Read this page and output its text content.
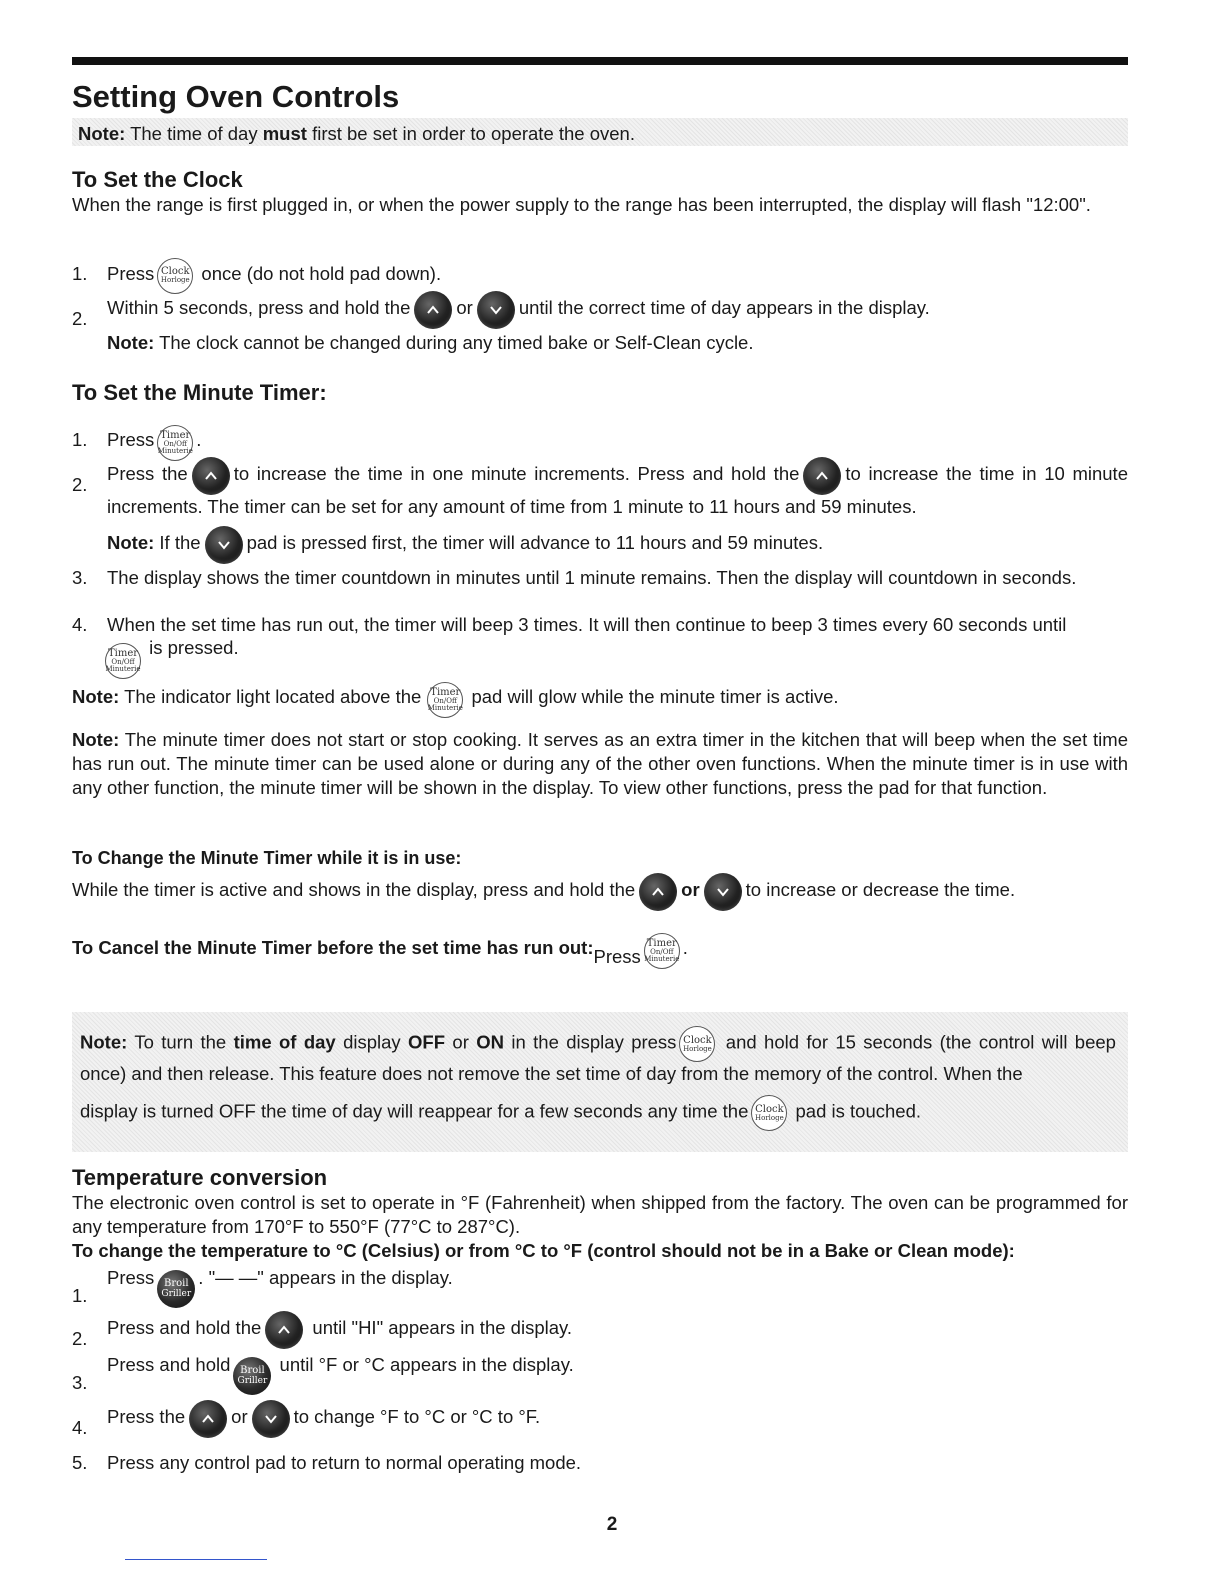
Setting Oven Controls
Note: The time of day must first be set in order to operate the oven.
To Set the Clock
When the range is first plugged in, or when the power supply to the range has been interrupted, the display will flash "12:00".
1. Press Clock
Horloge once (do not hold pad down).
2.
Within 5 seconds, press and hold the or until the correct time of day appears in the display.
Note: The clock cannot be changed during any timed bake or Self-Clean cycle.
To Set the Minute Timer:
1. Press Timer
On/Off
Minuterie
.
2.
Press the to increase the time in one minute increments. Press and hold the to increase the time in 10 minute increments. The timer can be set for any amount of time from 1 minute to 11 hours and 59 minutes.
Note: If the pad is pressed first, the timer will advance to 11 hours and 59 minutes.
3. The display shows the timer countdown in minutes until 1 minute remains. Then the display will countdown in seconds.
4. When the set time has run out, the timer will beep 3 times. It will then continue to beep 3 times every 60 seconds until
Timer
On/Off
Minuterie
is pressed.
Note: The indicator light located above the Timer
On/Off
Minuterie
pad will glow while the minute timer is active.
Note: The minute timer does not start or stop cooking. It serves as an extra timer in the kitchen that will beep when the set time has run out. The minute timer can be used alone or during any of the other oven functions. When the minute timer is in use with any other function, the minute timer will be shown in the display. To view other functions, press the pad for that function.
To Change the Minute Timer while it is in use:
While the timer is active and shows in the display, press and hold the or to increase or decrease the time.
To Cancel the Minute Timer before the set time has run out:Press
Timer
On/Off
Minuterie
.
Note: To turn the time of day display OFF or ON in the display press Clock
Horloge and hold for 15 seconds (the control will beep once) and then release. This feature does not remove the set time of day from the memory of the control. When the
display is turned OFF the time of day will reappear for a few seconds any time the Clock
Horloge pad is touched.
Temperature conversion
The electronic oven control is set to operate in °F (Fahrenheit) when shipped from the factory. The oven can be programmed for any temperature from 170°F to 550°F (77°C to 287°C).
To change the temperature to °C (Celsius) or from °C to °F (control should not be in a Bake or Clean mode):
1.
Press Broil
Griller
. "— —" appears in the display.
2.
Press and hold the
until "HI" appears in the display.
3.
Press and hold Broil
Griller
until °F or °C appears in the display.
4.
Press the or to change °F to °C or °C to °F.
5. Press any control pad to return to normal operating mode.
2
